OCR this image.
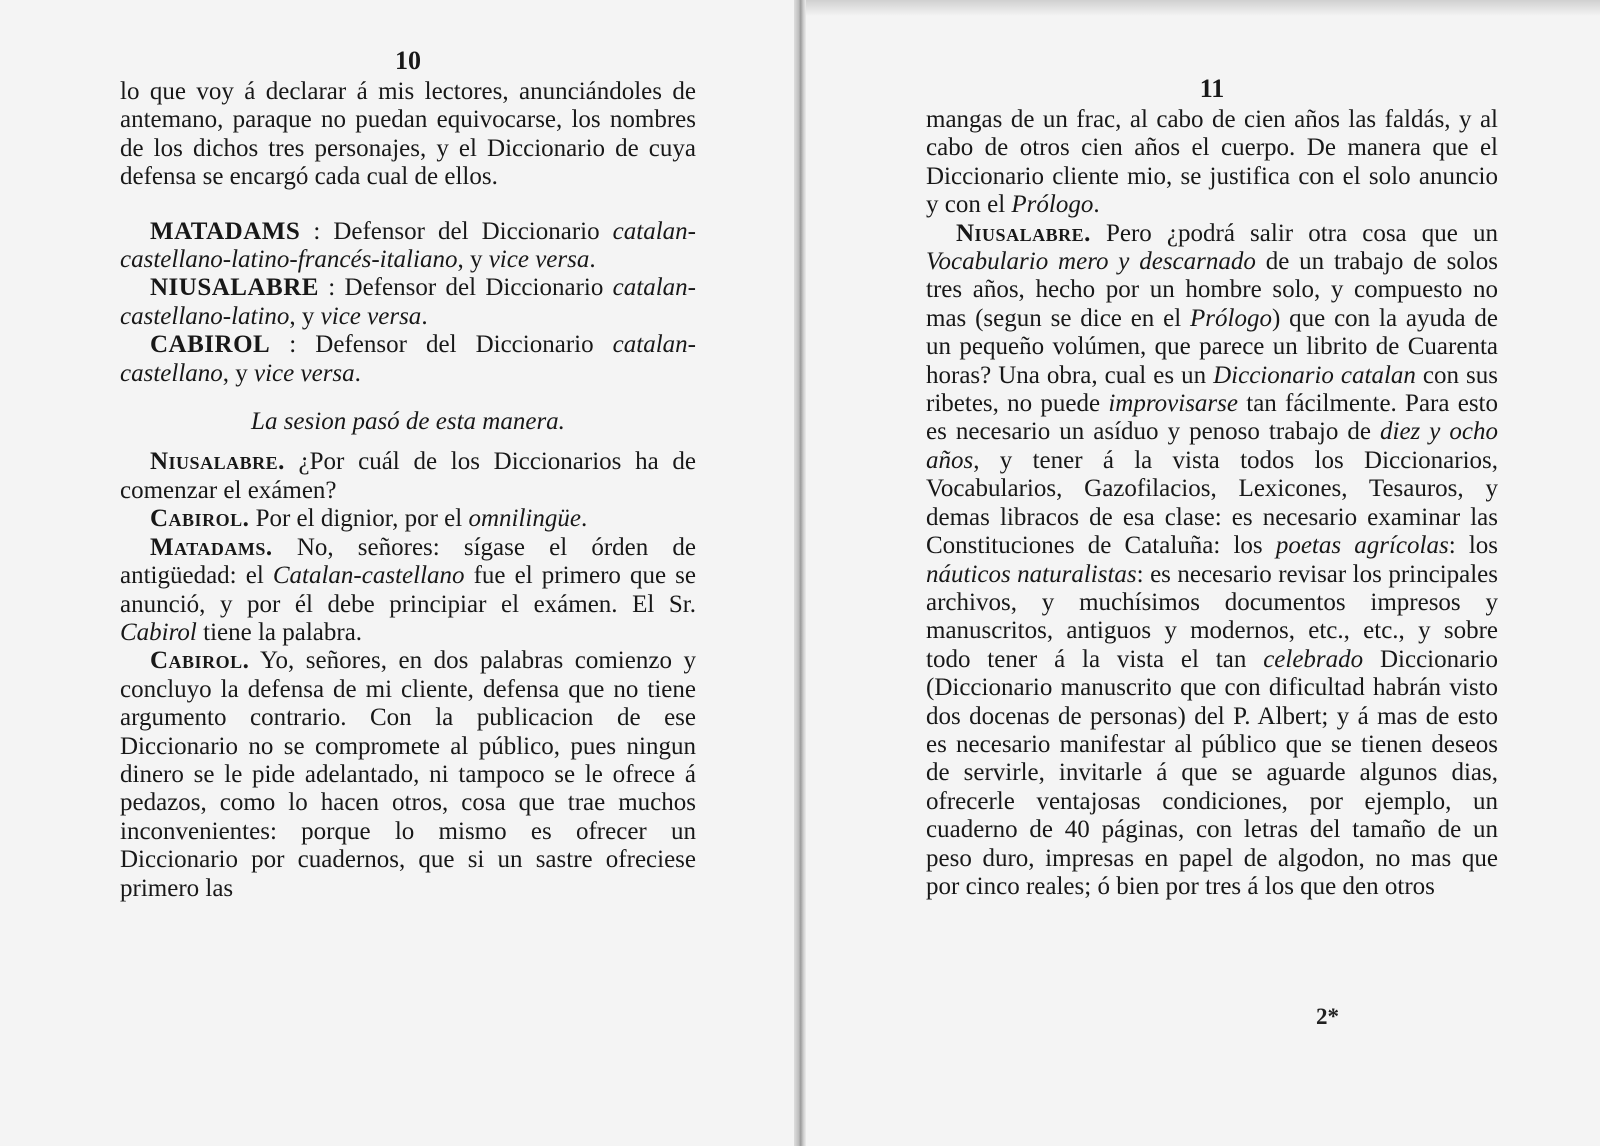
10

lo que voy á declarar á mis lectores, anunciándoles de antemano, paraque no puedan equivocarse, los nombres de los dichos tres personajes, y el Diccionario de cuya defensa se encargó cada cual de ellos.

MATADAMS : Defensor del Diccionario catalan-castellano-latino-francés-italiano, y vice versa.

NIUSALABRE : Defensor del Diccionario catalan-castellano-latino, y vice versa.

CABIROL : Defensor del Diccionario catalan-castellano, y vice versa.

La sesion pasó de esta manera.

Niusalabre. ¿Por cuál de los Diccionarios ha de comenzar el exámen?

Cabirol. Por el dignior, por el omnilingüe.

Matadams. No, señores: sígase el órden de antigüedad: el Catalan-castellano fue el primero que se anunció, y por él debe principiar el exámen. El Sr. Cabirol tiene la palabra.

Cabirol. Yo, señores, en dos palabras comienzo y concluyo la defensa de mi cliente, defensa que no tiene argumento contrario. Con la publicacion de ese Diccionario no se compromete al público, pues ningun dinero se le pide adelantado, ni tampoco se le ofrece á pedazos, como lo hacen otros, cosa que trae muchos inconvenientes: porque lo mismo es ofrecer un Diccionario por cuadernos, que si un sastre ofreciese primero las

11

mangas de un frac, al cabo de cien años las faldás, y al cabo de otros cien años el cuerpo. De manera que el Diccionario cliente mio, se justifica con el solo anuncio y con el Prólogo.

Niusalabre. Pero ¿podrá salir otra cosa que un Vocabulario mero y descarnado de un trabajo de solos tres años, hecho por un hombre solo, y compuesto no mas (segun se dice en el Prólogo) que con la ayuda de un pequeño volúmen, que parece un librito de Cuarenta horas? Una obra, cual es un Diccionario catalan con sus ribetes, no puede improvisarse tan fácilmente. Para esto es necesario un asíduo y penoso trabajo de diez y ocho años, y tener á la vista todos los Diccionarios, Vocabularios, Gazofilacios, Lexicones, Tesauros, y demas libracos de esa clase: es necesario examinar las Constituciones de Cataluña: los poetas agrícolas: los náuticos naturalistas: es necesario revisar los principales archivos, y muchísimos documentos impresos y manuscritos, antiguos y modernos, etc., etc., y sobre todo tener á la vista el tan celebrado Diccionario (Diccionario manuscrito que con dificultad habrán visto dos docenas de personas) del P. Albert; y á mas de esto es necesario manifestar al público que se tienen deseos de servirle, invitarle á que se aguarde algunos dias, ofrecerle ventajosas condiciones, por ejemplo, un cuaderno de 40 páginas, con letras del tamaño de un peso duro, impresas en papel de algodon, no mas que por cinco reales; ó bien por tres á los que den otros

2*
